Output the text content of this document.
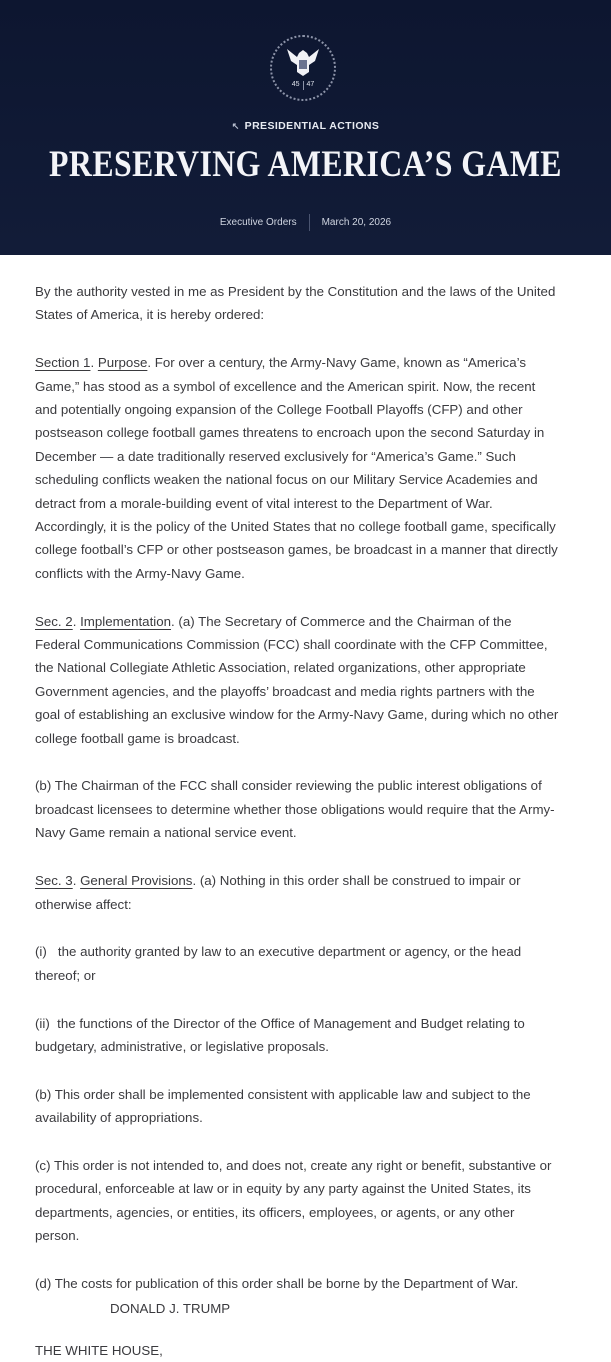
45 47
↖ PRESIDENTIAL ACTIONS
PRESERVING AMERICA’S GAME
Executive Orders	March 20, 2026

By the authority vested in me as President by the Constitution and the laws of the United States of America, it is hereby ordered:

Section 1. Purpose. For over a century, the Army-Navy Game, known as “America’s Game,” has stood as a symbol of excellence and the American spirit. Now, the recent and potentially ongoing expansion of the College Football Playoffs (CFP) and other postseason college football games threatens to encroach upon the second Saturday in December — a date traditionally reserved exclusively for “America’s Game.” Such scheduling conflicts weaken the national focus on our Military Service Academies and detract from a morale-building event of vital interest to the Department of War. Accordingly, it is the policy of the United States that no college football game, specifically college football’s CFP or other postseason games, be broadcast in a manner that directly conflicts with the Army-Navy Game.

Sec. 2. Implementation. (a) The Secretary of Commerce and the Chairman of the Federal Communications Commission (FCC) shall coordinate with the CFP Committee, the National Collegiate Athletic Association, related organizations, other appropriate Government agencies, and the playoffs’ broadcast and media rights partners with the goal of establishing an exclusive window for the Army-Navy Game, during which no other college football game is broadcast.

(b) The Chairman of the FCC shall consider reviewing the public interest obligations of broadcast licensees to determine whether those obligations would require that the Army-Navy Game remain a national service event.

Sec. 3. General Provisions. (a) Nothing in this order shall be construed to impair or otherwise affect:

(i)   the authority granted by law to an executive department or agency, or the head thereof; or

(ii)  the functions of the Director of the Office of Management and Budget relating to budgetary, administrative, or legislative proposals.

(b) This order shall be implemented consistent with applicable law and subject to the availability of appropriations.

(c) This order is not intended to, and does not, create any right or benefit, substantive or procedural, enforceable at law or in equity by any party against the United States, its departments, agencies, or entities, its officers, employees, or agents, or any other person.

(d) The costs for publication of this order shall be borne by the Department of War.

DONALD J. TRUMP

THE WHITE HOUSE,
